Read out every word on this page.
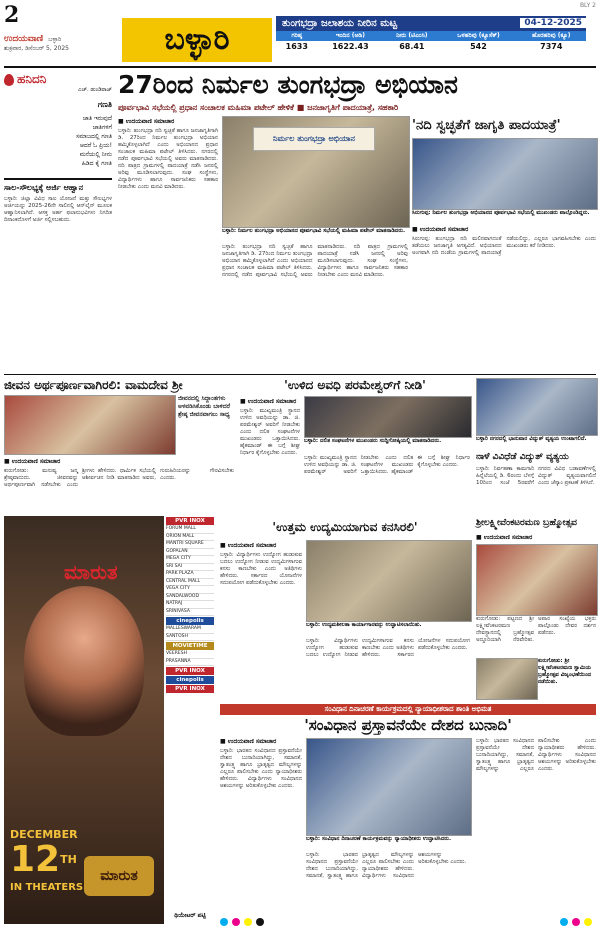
2
ಉದಯವಾಣಿ ಬಳ್ಳಾರಿ
ಶುಕ್ರವಾರ, ಡಿಸೆಂಬರ್ 5, 2025	ಬಳ್ಳಾರಿ
BLY 2
ತುಂಗಭದ್ರಾ ಜಲಾಶಯ ನೀರಿನ ಮಟ್ಟ	04-12-2025
ಗರಿಷ್ಠ	ಇಂದಿನ (ಅಡಿ)	ನೀರು (ಟಿಎಂಸಿ)	ಒಳಹರಿವು (ಕ್ಯೂಸೆಕ್)	ಹೊರಹರಿವು (ಕ್ಯೂ)
1633	1622.43	68.41	542	7374
ಹನಿದನಿ
ಎಚ್. ಡುಂಡಿರಾಜ್
ಗಣತಿ
ಜಾತಿ ಇರುವುದೆ
ಜಾತಿಗಳಿಗೆ
ಸಮಾಜದಲ್ಲಿ ಗಣತಿ
ಆದರೆ ಓ ಪ್ರಿಯ!
ಮನೆಯಲ್ಲಿ ನೀನು
ಹಿಡಿದ ಕೈ ಗಣತಿ
ಸಾಲ-ಸೌಲಭ್ಯಕ್ಕೆ ಅರ್ಜಿ ಆಹ್ವಾನ
ಬಳ್ಳಾರಿ: ಜಿಲ್ಲಾ ವಿವಿಧ ಸಾಲ ಯೋಜನೆ ಮತ್ತು ಸೌಲಭ್ಯಗಳ ಅರ್ಜಿಯನ್ನು 2025-26ನೇ ಸಾಲಿನಲ್ಲಿ ಆನ್‌ಲೈನ್ ಮೂಲಕ ಆಹ್ವಾನಿಸಲಾಗಿದೆ. ಆಸಕ್ತ ಅರ್ಹ ಫಲಾನುಭವಿಗಳು ನಿಗದಿತ ದಿನಾಂಕದೊಳಗೆ ಅರ್ಜಿ ಸಲ್ಲಿಸಬಹುದು.
27ರಿಂದ ನಿರ್ಮಲ ತುಂಗಭದ್ರಾ ಅಭಿಯಾನ
ಪೂರ್ವಭಾವಿ ಸಭೆಯಲ್ಲಿ ಪ್ರಧಾನ ಸಂಚಾಲಕ ಮಹಿಮಾ ಪಟೇಲ್ ಹೇಳಿಕೆ ■ ಜನಜಾಗೃತಿಗೆ ಪಾದಯಾತ್ರೆ, ಸಹಕಾರಿ
■ ಉದಯವಾಣಿ ಸಮಾಚಾರ
ಬಳ್ಳಾರಿ: ತುಂಗಭದ್ರಾ ನದಿ ಸ್ವಚ್ಛತೆ ಹಾಗೂ ಜನಜಾಗೃತಿಗಾಗಿ ಡಿ. 27ರಿಂದ ನಿರ್ಮಲ ತುಂಗಭದ್ರಾ ಅಭಿಯಾನ ಹಮ್ಮಿಕೊಳ್ಳಲಾಗಿದೆ ಎಂದು ಅಭಿಯಾನದ ಪ್ರಧಾನ ಸಂಚಾಲಕ ಮಹಿಮಾ ಪಟೇಲ್ ತಿಳಿಸಿದರು. ನಗರದಲ್ಲಿ ನಡೆದ ಪೂರ್ವಭಾವಿ ಸಭೆಯಲ್ಲಿ ಅವರು ಮಾತನಾಡಿದರು. ನದಿ ಪಾತ್ರದ ಗ್ರಾಮಗಳಲ್ಲಿ ಪಾದಯಾತ್ರೆ ನಡೆಸಿ ಜನರಲ್ಲಿ ಅರಿವು ಮೂಡಿಸಲಾಗುವುದು. ಸಂಘ ಸಂಸ್ಥೆಗಳು, ವಿದ್ಯಾರ್ಥಿಗಳು ಹಾಗೂ ಸಾರ್ವಜನಿಕರು ಸಹಕಾರ ನೀಡಬೇಕು ಎಂದು ಮನವಿ ಮಾಡಿದರು.
ನಿರ್ಮಲ ತುಂಗಭದ್ರಾ ಅಭಿಯಾನ
ಬಳ್ಳಾರಿ: ನಿರ್ಮಲ ತುಂಗಭದ್ರಾ ಅಭಿಯಾನದ ಪೂರ್ವಭಾವಿ ಸಭೆಯಲ್ಲಿ ಮಹಿಮಾ ಪಟೇಲ್ ಮಾತನಾಡಿದರು.
ಬಳ್ಳಾರಿ: ತುಂಗಭದ್ರಾ ನದಿ ಸ್ವಚ್ಛತೆ ಹಾಗೂ ಜನಜಾಗೃತಿಗಾಗಿ ಡಿ. 27ರಿಂದ ನಿರ್ಮಲ ತುಂಗಭದ್ರಾ ಅಭಿಯಾನ ಹಮ್ಮಿಕೊಳ್ಳಲಾಗಿದೆ ಎಂದು ಅಭಿಯಾನದ ಪ್ರಧಾನ ಸಂಚಾಲಕ ಮಹಿಮಾ ಪಟೇಲ್ ತಿಳಿಸಿದರು. ನಗರದಲ್ಲಿ ನಡೆದ ಪೂರ್ವಭಾವಿ ಸಭೆಯಲ್ಲಿ ಅವರು ಮಾತನಾಡಿದರು. ನದಿ ಪಾತ್ರದ ಗ್ರಾಮಗಳಲ್ಲಿ ಪಾದಯಾತ್ರೆ ನಡೆಸಿ ಜನರಲ್ಲಿ ಅರಿವು ಮೂಡಿಸಲಾಗುವುದು. ಸಂಘ ಸಂಸ್ಥೆಗಳು, ವಿದ್ಯಾರ್ಥಿಗಳು ಹಾಗೂ ಸಾರ್ವಜನಿಕರು ಸಹಕಾರ ನೀಡಬೇಕು ಎಂದು ಮನವಿ ಮಾಡಿದರು.
'ನದಿ ಸ್ವಚ್ಛತೆಗೆ ಜಾಗೃತಿ ಪಾದಯಾತ್ರೆ'
ಸಿರುಗುಪ್ಪ: ನಿರ್ಮಲ ತುಂಗಭದ್ರಾ ಅಭಿಯಾನದ ಪೂರ್ವಭಾವಿ ಸಭೆಯಲ್ಲಿ ಮುಖಂಡರು ಪಾಲ್ಗೊಂಡಿದ್ದರು.
■ ಉದಯವಾಣಿ ಸಮಾಚಾರ
ಸಿರುಗುಪ್ಪ: ತುಂಗಭದ್ರಾ ನದಿ ಮಲಿನವಾಗದಂತೆ ತಡೆಯಲು ಜನಜಾಗೃತಿ ಅಗತ್ಯವಿದೆ. ಅಭಿಯಾನದ ಅಂಗವಾಗಿ ನದಿ ದಂಡೆಯ ಗ್ರಾಮಗಳಲ್ಲಿ ಪಾದಯಾತ್ರೆ ನಡೆಯಲಿದ್ದು, ಎಲ್ಲರೂ ಭಾಗವಹಿಸಬೇಕು ಎಂದು ಮುಖಂಡರು ಕರೆ ನೀಡಿದರು.
ಜೀವನ ಅರ್ಥಪೂರ್ಣವಾಗಿರಲಿ: ವಾಮದೇವ ಶ್ರೀ
ಜೀವನದಲ್ಲಿ ಸಿದ್ದಾಂತಗಳು ಅಳವಡಿಸಿಕೊಂಡು ಬಾಳಿದರೆ ಶ್ರೇಷ್ಠ ಜೀವನವಾಗಲು ಸಾಧ್ಯ
■ ಉದಯವಾಣಿ ಸಮಾಚಾರ
ಕುರುಗೋಡು: ಮನುಷ್ಯ ಜನ್ಮ ಶ್ರೇಷ್ಠವಾದುದು. ಜೀವನವನ್ನು ಅರ್ಥಪೂರ್ಣವಾಗಿ ನಡೆಸಬೇಕು ಎಂದು ಶ್ರೀಗಳು ಹೇಳಿದರು. ಧಾರ್ಮಿಕ ಸಭೆಯಲ್ಲಿ ಆಶೀರ್ವಚನ ನೀಡಿ ಮಾತನಾಡಿದ ಅವರು, ಗುರುಹಿರಿಯರನ್ನು ಗೌರವಿಸಬೇಕು ಎಂದರು.
'ಉಳಿದ ಅವಧಿ ಪರಮೇಶ್ವರ್‌ಗೆ ನೀಡಿ'
■ ಉದಯವಾಣಿ ಸಮಾಚಾರ
ಬಳ್ಳಾರಿ: ಮುಖ್ಯಮಂತ್ರಿ ಸ್ಥಾನದ ಉಳಿದ ಅವಧಿಯನ್ನು ಡಾ. ಜಿ. ಪರಮೇಶ್ವರ್ ಅವರಿಗೆ ನೀಡಬೇಕು ಎಂದು ದಲಿತ ಸಂಘಟನೆಗಳ ಮುಖಂಡರು ಒತ್ತಾಯಿಸಿದರು. ಹೈಕಮಾಂಡ್ ಈ ಬಗ್ಗೆ ಶೀಘ್ರ ನಿರ್ಧಾರ ಕೈಗೊಳ್ಳಬೇಕು ಎಂದರು.
ಬಳ್ಳಾರಿ: ದಲಿತ ಸಂಘಟನೆಗಳ ಮುಖಂಡರು ಸುದ್ದಿಗೋಷ್ಠಿಯಲ್ಲಿ ಮಾತನಾಡಿದರು.
ಬಳ್ಳಾರಿ: ಮುಖ್ಯಮಂತ್ರಿ ಸ್ಥಾನದ ಉಳಿದ ಅವಧಿಯನ್ನು ಡಾ. ಜಿ. ಪರಮೇಶ್ವರ್ ಅವರಿಗೆ ನೀಡಬೇಕು ಎಂದು ದಲಿತ ಸಂಘಟನೆಗಳ ಮುಖಂಡರು ಒತ್ತಾಯಿಸಿದರು. ಹೈಕಮಾಂಡ್ ಈ ಬಗ್ಗೆ ಶೀಘ್ರ ನಿರ್ಧಾರ ಕೈಗೊಳ್ಳಬೇಕು ಎಂದರು.
ಬಳ್ಳಾರಿ ನಗರದಲ್ಲಿ ಭಾನುವಾರ ವಿದ್ಯುತ್ ವ್ಯತ್ಯಯ ಉಂಟಾಗಲಿದೆ.
ನಾಳೆ ವಿವಿಧೆಡೆ ವಿದ್ಯುತ್ ವ್ಯತ್ಯಯ
ಬಳ್ಳಾರಿ: ನಿರ್ವಹಣಾ ಕಾಮಗಾರಿ ಹಿನ್ನೆಲೆಯಲ್ಲಿ ಡಿ. 6ರಂದು ಬೆಳಗ್ಗೆ 10ರಿಂದ ಸಂಜೆ 5ರವರೆಗೆ ನಗರದ ವಿವಿಧ ಬಡಾವಣೆಗಳಲ್ಲಿ ವಿದ್ಯುತ್ ವ್ಯತ್ಯಯವಾಗಲಿದೆ ಎಂದು ಜೆಸ್ಕಾಂ ಪ್ರಕಟಣೆ ತಿಳಿಸಿದೆ.
ಮಾರುತ
DECEMBER
12TH
IN THEATERS
ಮಾರುತ
PVR INOX
FORUM MALL
ORION MALL
MANTRI SQUARE
GOPALAN
MEGA CITY
SRI SAI
PARK PLAZA
CENTRAL MALL
VEGA CITY
SANDALWOOD
NATRAJ
SRINIVASA
cinepolis
MALLESWARAM
SANTOSH
MOVIETIME
VEERESH
PRASANNA
PVR INOX
cinepolis
PVR INOX
ಥಿಯೇಟರ್ ಪಟ್ಟಿ
'ಉತ್ತಮ ಉದ್ಯಮಿಯಾಗುವ ಕನಸಿರಲಿ'
■ ಉದಯವಾಣಿ ಸಮಾಚಾರ
ಬಳ್ಳಾರಿ: ವಿದ್ಯಾರ್ಥಿಗಳು ಉದ್ಯೋಗ ಹುಡುಕುವ ಬದಲು ಉದ್ಯೋಗ ನೀಡುವ ಉದ್ಯಮಿಗಳಾಗುವ ಕನಸು ಕಾಣಬೇಕು ಎಂದು ಅತಿಥಿಗಳು ಹೇಳಿದರು. ಸರ್ಕಾರದ ಯೋಜನೆಗಳ ಸದುಪಯೋಗ ಪಡೆದುಕೊಳ್ಳಬೇಕು ಎಂದರು.
ಬಳ್ಳಾರಿ: ಉದ್ಯಮಶೀಲತಾ ಕಾರ್ಯಾಗಾರವನ್ನು ಉದ್ಘಾಟಿಸಲಾಯಿತು.
ಬಳ್ಳಾರಿ: ವಿದ್ಯಾರ್ಥಿಗಳು ಉದ್ಯೋಗ ಹುಡುಕುವ ಬದಲು ಉದ್ಯೋಗ ನೀಡುವ ಉದ್ಯಮಿಗಳಾಗುವ ಕನಸು ಕಾಣಬೇಕು ಎಂದು ಅತಿಥಿಗಳು ಹೇಳಿದರು. ಸರ್ಕಾರದ ಯೋಜನೆಗಳ ಸದುಪಯೋಗ ಪಡೆದುಕೊಳ್ಳಬೇಕು ಎಂದರು.
ಶ್ರೀಲಕ್ಷ್ಮೀವೆಂಕಟರಮಣ ಬ್ರಹ್ಮೋತ್ಸವ
■ ಉದಯವಾಣಿ ಸಮಾಚಾರ
ಕುರುಗೋಡು: ಪಟ್ಟಣದ ಶ್ರೀ ಲಕ್ಷ್ಮೀವೆಂಕಟರಮಣ ದೇವಸ್ಥಾನದಲ್ಲಿ ಬ್ರಹ್ಮೋತ್ಸವ ಅದ್ದೂರಿಯಾಗಿ ನೆರವೇರಿತು. ಅಪಾರ ಸಂಖ್ಯೆಯ ಭಕ್ತರು ಪಾಲ್ಗೊಂಡು ದೇವರ ದರ್ಶನ ಪಡೆದರು.
ಕುರುಗೋಡು: ಶ್ರೀ ಲಕ್ಷ್ಮೀವೆಂಕಟರಮಣ ಸ್ವಾಮಿಯ ಬ್ರಹ್ಮೋತ್ಸವ ವಿಜೃಂಭಣೆಯಿಂದ ನಡೆಯಿತು.
ಸಂವಿಧಾನ ದಿನಾಚರಣೆ ಕಾರ್ಯಕ್ರಮದಲ್ಲಿ ನ್ಯಾಯಾಧೀಶರಾದ ಶಾಂತಿ ಅಭಿಮತ
'ಸಂವಿಧಾನ ಪ್ರಸ್ತಾವನೆಯೇ ದೇಶದ ಬುನಾದಿ'
■ ಉದಯವಾಣಿ ಸಮಾಚಾರ
ಬಳ್ಳಾರಿ: ಭಾರತದ ಸಂವಿಧಾನದ ಪ್ರಸ್ತಾವನೆಯೇ ದೇಶದ ಬುನಾದಿಯಾಗಿದ್ದು, ಸಮಾನತೆ, ಸ್ವಾತಂತ್ರ್ಯ ಹಾಗೂ ಭ್ರಾತೃತ್ವದ ಮೌಲ್ಯಗಳನ್ನು ಎಲ್ಲರೂ ಪಾಲಿಸಬೇಕು ಎಂದು ನ್ಯಾಯಾಧೀಶರು ಹೇಳಿದರು. ವಿದ್ಯಾರ್ಥಿಗಳು ಸಂವಿಧಾನದ ಆಶಯಗಳನ್ನು ಅರಿತುಕೊಳ್ಳಬೇಕು ಎಂದರು.
ಬಳ್ಳಾರಿ: ಸಂವಿಧಾನ ದಿನಾಚರಣೆ ಕಾರ್ಯಕ್ರಮವನ್ನು ನ್ಯಾಯಾಧೀಶರು ಉದ್ಘಾಟಿಸಿದರು.
ಬಳ್ಳಾರಿ: ಭಾರತದ ಸಂವಿಧಾನದ ಪ್ರಸ್ತಾವನೆಯೇ ದೇಶದ ಬುನಾದಿಯಾಗಿದ್ದು, ಸಮಾನತೆ, ಸ್ವಾತಂತ್ರ್ಯ ಹಾಗೂ ಭ್ರಾತೃತ್ವದ ಮೌಲ್ಯಗಳನ್ನು ಎಲ್ಲರೂ ಪಾಲಿಸಬೇಕು ಎಂದು ನ್ಯಾಯಾಧೀಶರು ಹೇಳಿದರು. ವಿದ್ಯಾರ್ಥಿಗಳು ಸಂವಿಧಾನದ ಆಶಯಗಳನ್ನು ಅರಿತುಕೊಳ್ಳಬೇಕು ಎಂದರು.
ಬಳ್ಳಾರಿ: ಭಾರತದ ಸಂವಿಧಾನದ ಪ್ರಸ್ತಾವನೆಯೇ ದೇಶದ ಬುನಾದಿಯಾಗಿದ್ದು, ಸಮಾನತೆ, ಸ್ವಾತಂತ್ರ್ಯ ಹಾಗೂ ಭ್ರಾತೃತ್ವದ ಮೌಲ್ಯಗಳನ್ನು ಎಲ್ಲರೂ ಪಾಲಿಸಬೇಕು ಎಂದು ನ್ಯಾಯಾಧೀಶರು ಹೇಳಿದರು. ವಿದ್ಯಾರ್ಥಿಗಳು ಸಂವಿಧಾನದ ಆಶಯಗಳನ್ನು ಅರಿತುಕೊಳ್ಳಬೇಕು ಎಂದರು.
